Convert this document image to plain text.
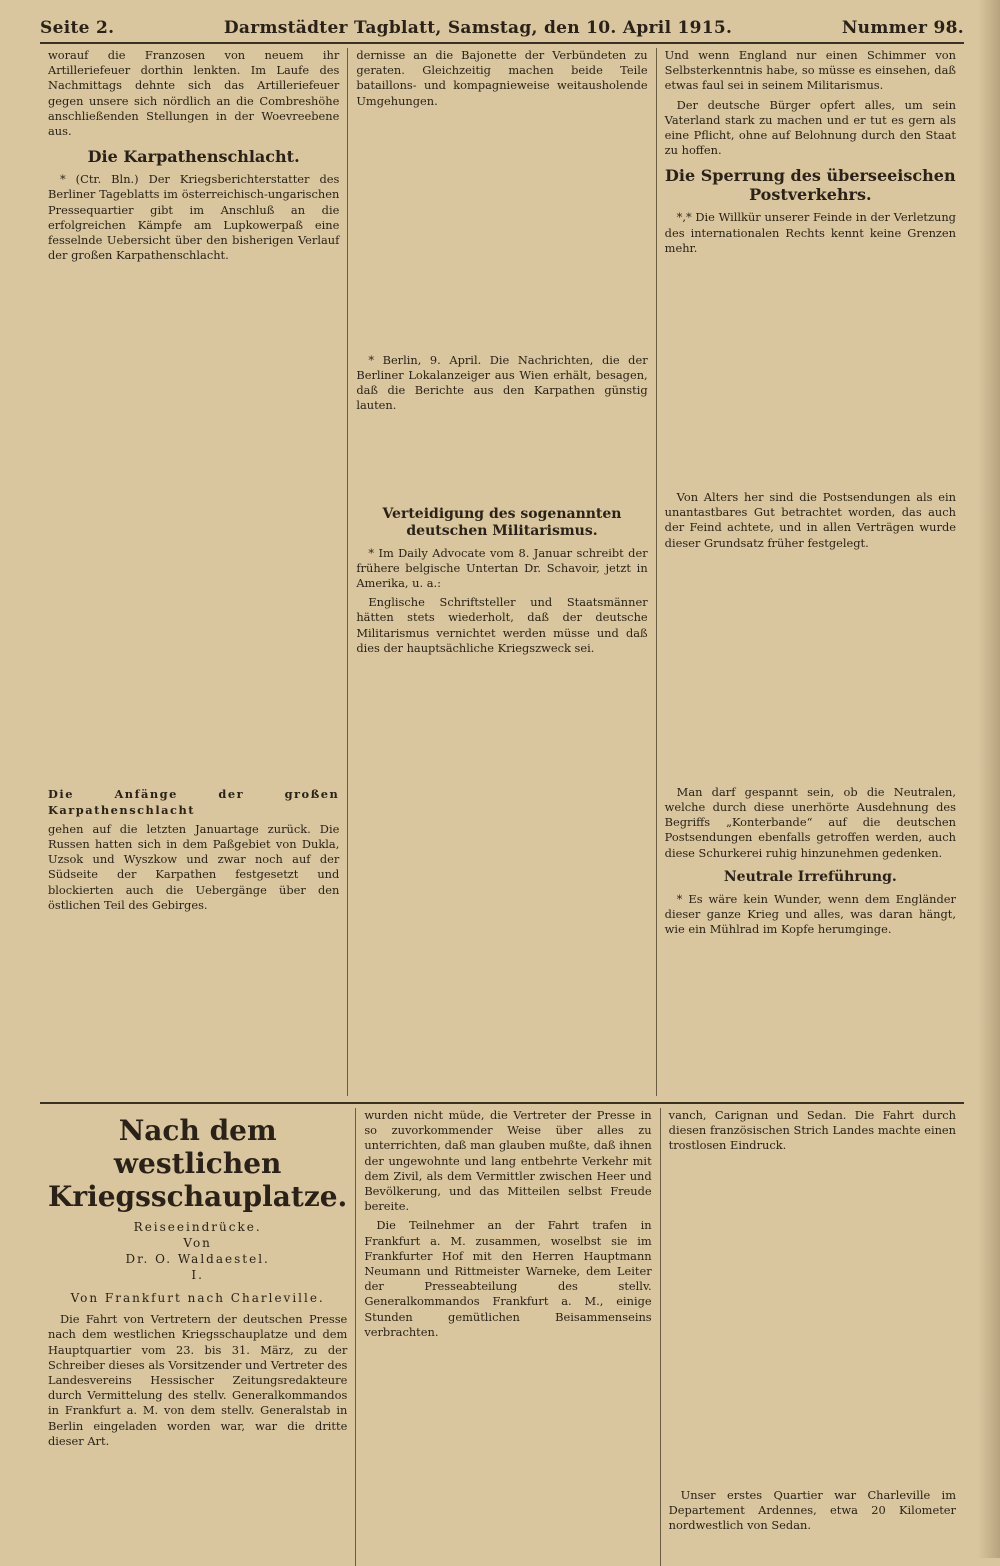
Seite 2.	Darmstädter Tagblatt, Samstag, den 10. April 1915.	Nummer 98.

worauf die Franzosen von neuem ihr Artilleriefeuer dorthin lenkten. Im Laufe des Nachmittags dehnte sich das Artilleriefeuer gegen unsere sich nördlich an die Combreshöhe anschließenden Stellungen in der Woevreebene aus.

Die Karpathenschlacht.

* (Ctr. Bln.) Der Kriegsberichterstatter des Berliner Tageblatts im österreichisch-ungarischen Pressequartier gibt im Anschluß an die erfolgreichen Kämpfe am Lupkowerpaß eine fesselnde Uebersicht über den bisherigen Verlauf der großen Karpathenschlacht.

Die Anfänge der großen Karpathenschlacht

gehen auf die letzten Januartage zurück. Die Russen hatten sich in dem Paßgebiet von Dukla, Uzsok und Wyszkow und zwar noch auf der Südseite der Karpathen festgesetzt und blockierten auch die Uebergänge über den östlichen Teil des Gebirges.

dernisse an die Bajonette der Verbündeten zu geraten. Gleichzeitig machen beide Teile bataillons- und kompagnieweise weitausholende Umgehungen.

* Berlin, 9. April. Die Nachrichten, die der Berliner Lokalanzeiger aus Wien erhält, besagen, daß die Berichte aus den Karpathen günstig lauten.

Verteidigung des sogenannten deutschen Militarismus.

* Im Daily Advocate vom 8. Januar schreibt der frühere belgische Untertan Dr. Schavoir, jetzt in Amerika, u. a.:

Englische Schriftsteller und Staatsmänner hätten stets wiederholt, daß der deutsche Militarismus vernichtet werden müsse und daß dies der hauptsächliche Kriegszweck sei.

Und wenn England nur einen Schimmer von Selbsterkenntnis habe, so müsse es einsehen, daß etwas faul sei in seinem Militarismus.

Der deutsche Bürger opfert alles, um sein Vaterland stark zu machen und er tut es gern als eine Pflicht, ohne auf Belohnung durch den Staat zu hoffen.

Die Sperrung des überseeischen Postverkehrs.

*,* Die Willkür unserer Feinde in der Verletzung des internationalen Rechts kennt keine Grenzen mehr.

Von Alters her sind die Postsendungen als ein unantastbares Gut betrachtet worden, das auch der Feind achtete, und in allen Verträgen wurde dieser Grundsatz früher festgelegt.

Man darf gespannt sein, ob die Neutralen, welche durch diese unerhörte Ausdehnung des Begriffs „Konterbande“ auf die deutschen Postsendungen ebenfalls getroffen werden, auch diese Schurkerei ruhig hinzunehmen gedenken.

Neutrale Irreführung.

* Es wäre kein Wunder, wenn dem Engländer dieser ganze Krieg und alles, was daran hängt, wie ein Mühlrad im Kopfe herumginge.

Nach dem westlichen Kriegsschauplatze.
Reiseeindrücke.
Von
Dr. O. Waldaestel.
I.
Von Frankfurt nach Charleville.

Die Fahrt von Vertretern der deutschen Presse nach dem westlichen Kriegsschauplatze und dem Hauptquartier vom 23. bis 31. März, zu der Schreiber dieses als Vorsitzender und Vertreter des Landesvereins Hessischer Zeitungsredakteure durch Vermittelung des stellv. Generalkommandos in Frankfurt a. M. von dem stellv. Generalstab in Berlin eingeladen worden war, war die dritte dieser Art.

wurden nicht müde, die Vertreter der Presse in so zuvorkommender Weise über alles zu unterrichten, daß man glauben mußte, daß ihnen der ungewohnte und lang entbehrte Verkehr mit dem Zivil, als dem Vermittler zwischen Heer und Bevölkerung, und das Mitteilen selbst Freude bereite.

Die Teilnehmer an der Fahrt trafen in Frankfurt a. M. zusammen, woselbst sie im Frankfurter Hof mit den Herren Hauptmann Neumann und Rittmeister Warneke, dem Leiter der Presseabteilung des stellv. Generalkommandos Frankfurt a. M., einige Stunden gemütlichen Beisammenseins verbrachten.

vanch, Carignan und Sedan. Die Fahrt durch diesen französischen Strich Landes machte einen trostlosen Eindruck.

Unser erstes Quartier war Charleville im Departement Ardennes, etwa 20 Kilometer nordwestlich von Sedan.
